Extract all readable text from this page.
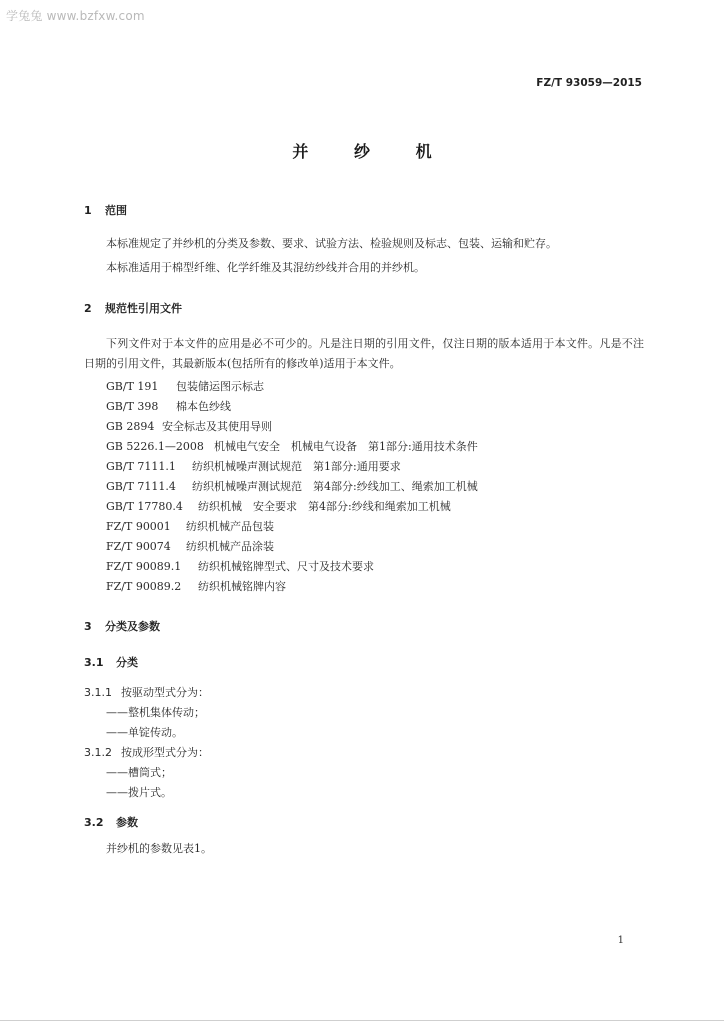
学兔兔 www.bzfxw.com
FZ/T 93059—2015
并 纱 机
1 范围
本标准规定了并纱机的分类及参数、要求、试验方法、检验规则及标志、包装、运输和贮存。
本标准适用于棉型纤维、化学纤维及其混纺纱线并合用的并纱机。
2 规范性引用文件
下列文件对于本文件的应用是必不可少的。凡是注日期的引用文件，仅注日期的版本适用于本文件。凡是不注日期的引用文件，其最新版本(包括所有的修改单)适用于本文件。
GB/T 191 包装储运图示标志
GB/T 398 棉本色纱线
GB 2894 安全标志及其使用导则
GB 5226.1—2008 机械电气安全　机械电气设备　第1部分:通用技术条件
GB/T 7111.1 纺织机械噪声测试规范　第1部分:通用要求
GB/T 7111.4 纺织机械噪声测试规范　第4部分:纱线加工、绳索加工机械
GB/T 17780.4 纺织机械　安全要求　第4部分:纱线和绳索加工机械
FZ/T 90001 纺织机械产品包装
FZ/T 90074 纺织机械产品涂装
FZ/T 90089.1 纺织机械铭牌型式、尺寸及技术要求
FZ/T 90089.2 纺织机械铭牌内容
3 分类及参数
3.1 分类
3.1.1 按驱动型式分为：
——整机集体传动；
——单锭传动。
3.1.2 按成形型式分为：
——槽筒式；
——拨片式。
3.2 参数
并纱机的参数见表1。
1
